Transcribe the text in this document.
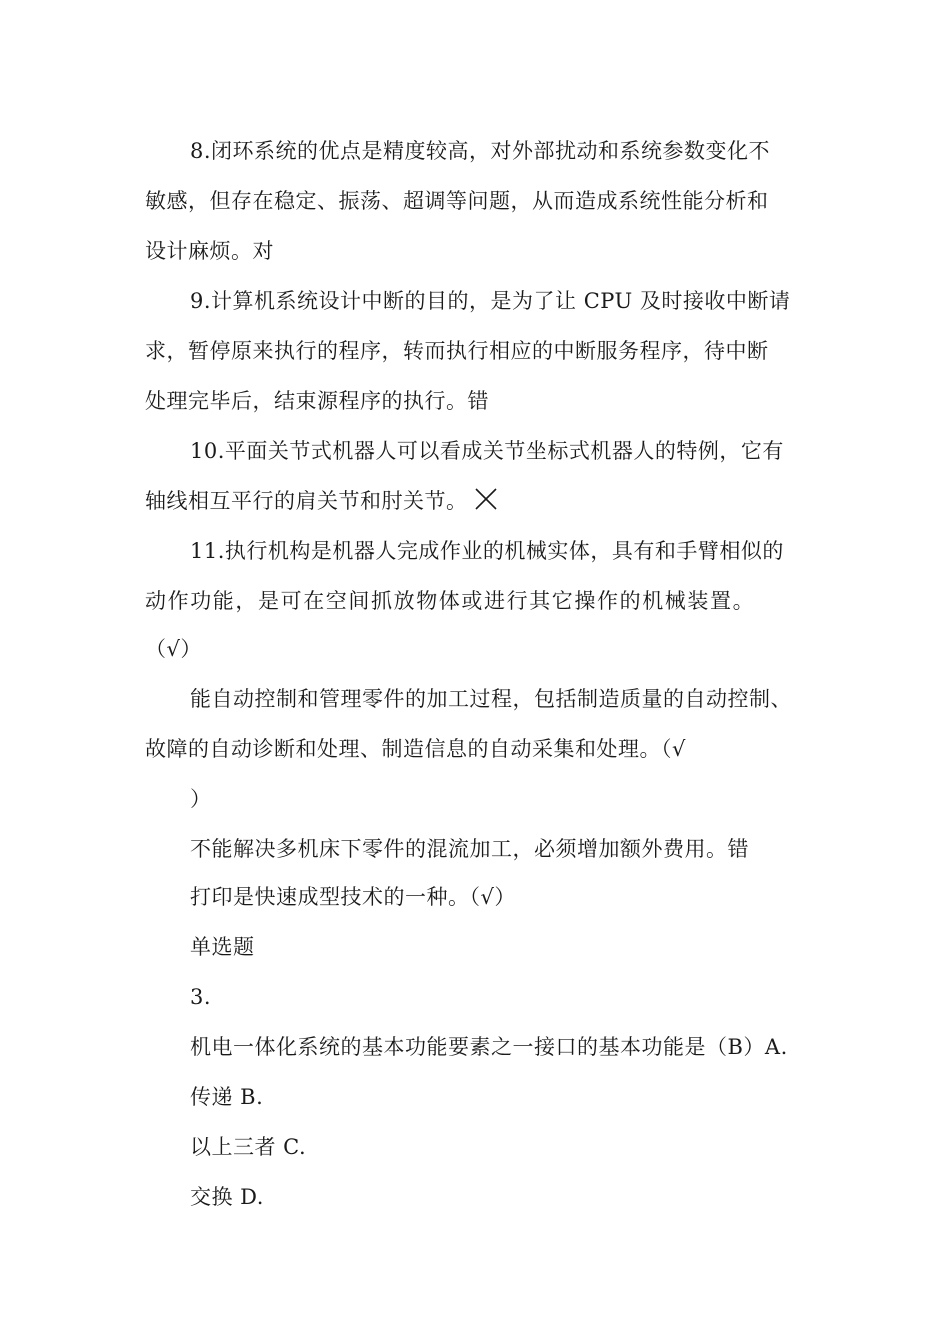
8.闭环系统的优点是精度较高，对外部扰动和系统参数变化不
敏感，但存在稳定、振荡、超调等问题，从而造成系统性能分析和
设计麻烦。对
9.计算机系统设计中断的目的，是为了让 CPU 及时接收中断请
求，暂停原来执行的程序，转而执行相应的中断服务程序，待中断
处理完毕后，结束源程序的执行。错
10.平面关节式机器人可以看成关节坐标式机器人的特例，它有
轴线相互平行的肩关节和肘关节。
11.执行机构是机器人完成作业的机械实体，具有和手臂相似的
动作功能，是可在空间抓放物体或进行其它操作的机械装置。
（√）
能自动控制和管理零件的加工过程，包括制造质量的自动控制、
故障的自动诊断和处理、制造信息的自动采集和处理。（√
）
不能解决多机床下零件的混流加工，必须增加额外费用。错
打印是快速成型技术的一种。（√）
单选题
3.
机电一体化系统的基本功能要素之一接口的基本功能是（B）A.
传递 B.
以上三者 C.
交换 D.
